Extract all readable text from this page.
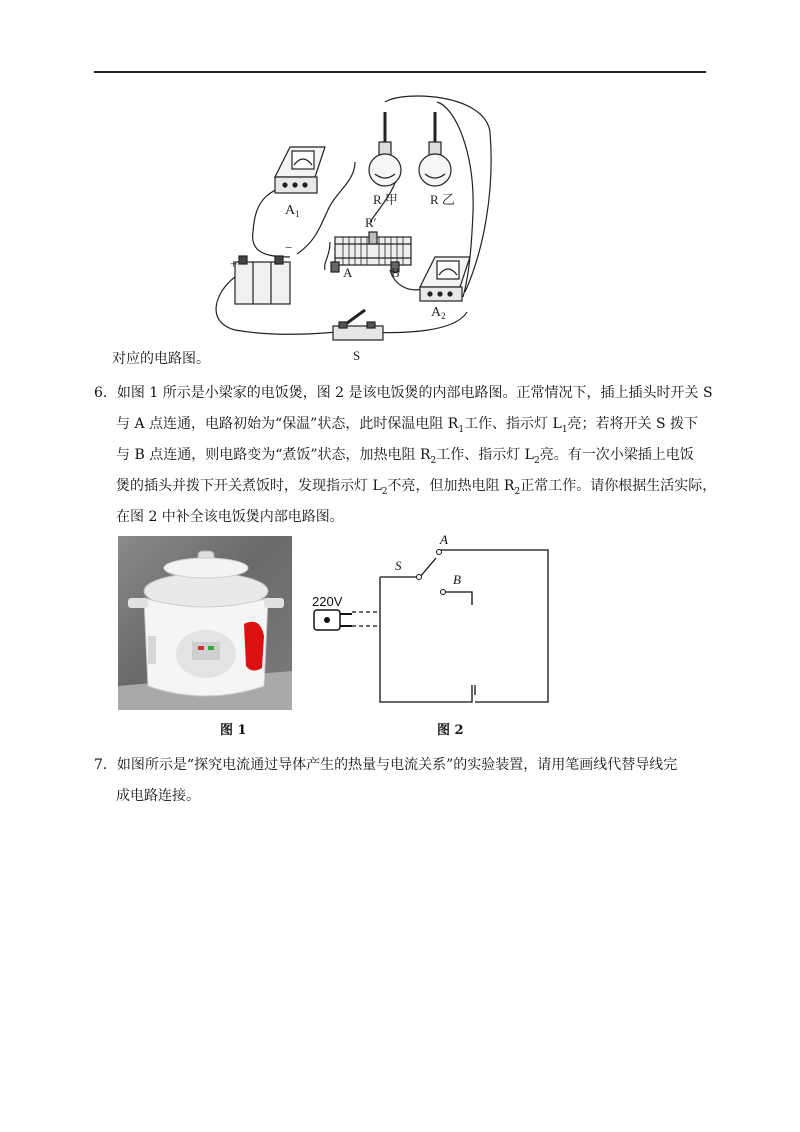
$A_1$
R 甲 R 乙
R′
A	B
+
−
$A_2$
S
对应的电路图。
6．如图 1 所示是小梁家的电饭煲，图 2 是该电饭煲的内部电路图。正常情况下，插上插头时开关 S
与 A 点连通，电路初始为“保温”状态，此时保温电阻 $R_1$工作、指示灯 $L_1$亮；若将开关 S 拨下
与 B 点连通，则电路变为“煮饭”状态，加热电阻 $R_2$工作、指示灯 $L_2$亮。有一次小梁插上电饭
煲的插头并拨下开关煮饭时，发现指示灯 $L_2$不亮，但加热电阻 $R_2$正常工作。请你根据生活实际，
在图 2 中补全该电饭煲内部电路图。
S
A
B
220V
图 1	图 2
7．如图所示是“探究电流通过导体产生的热量与电流关系”的实验装置，请用笔画线代替导线完
成电路连接。
